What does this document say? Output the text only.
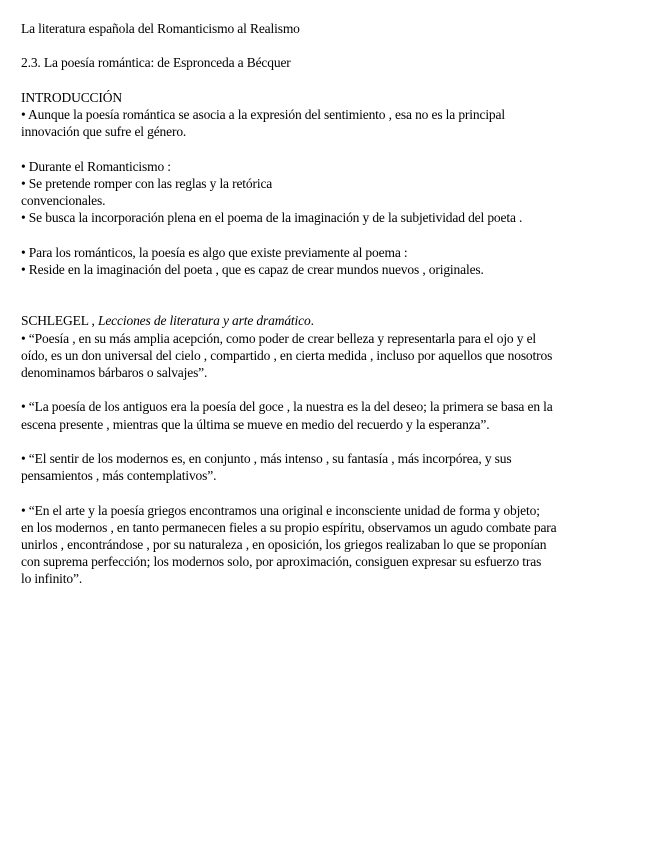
La literatura española del Romanticismo al Realismo
2.3. La poesía romántica: de Espronceda a Bécquer
INTRODUCCIÓN
• Aunque la poesía romántica se asocia a la expresión del sentimiento , esa no es la principal
innovación que sufre el género.
• Durante el Romanticismo :
• Se pretende romper con las reglas y la retórica
convencionales.
• Se busca la incorporación plena en el poema de la imaginación y de la subjetividad del poeta .
• Para los románticos, la poesía es algo que existe previamente al poema :
• Reside en la imaginación del poeta , que es capaz de crear mundos nuevos , originales.
SCHLEGEL , Lecciones de literatura y arte dramático.
• “Poesía , en su más amplia acepción, como poder de crear belleza y representarla para el ojo y el
oído, es un don universal del cielo , compartido , en cierta medida , incluso por aquellos que nosotros
denominamos bárbaros o salvajes”.
• “La poesía de los antiguos era la poesía del goce , la nuestra es la del deseo; la primera se basa en la
escena presente , mientras que la última se mueve en medio del recuerdo y la esperanza”.
• “El sentir de los modernos es, en conjunto , más intenso , su fantasía , más incorpórea, y sus
pensamientos , más contemplativos”.
• “En el arte y la poesía griegos encontramos una original e inconsciente unidad de forma y objeto;
en los modernos , en tanto permanecen fieles a su propio espíritu, observamos un agudo combate para
unirlos , encontrándose , por su naturaleza , en oposición, los griegos realizaban lo que se proponían
con suprema perfección; los modernos solo, por aproximación, consiguen expresar su esfuerzo tras
lo infinito”.
